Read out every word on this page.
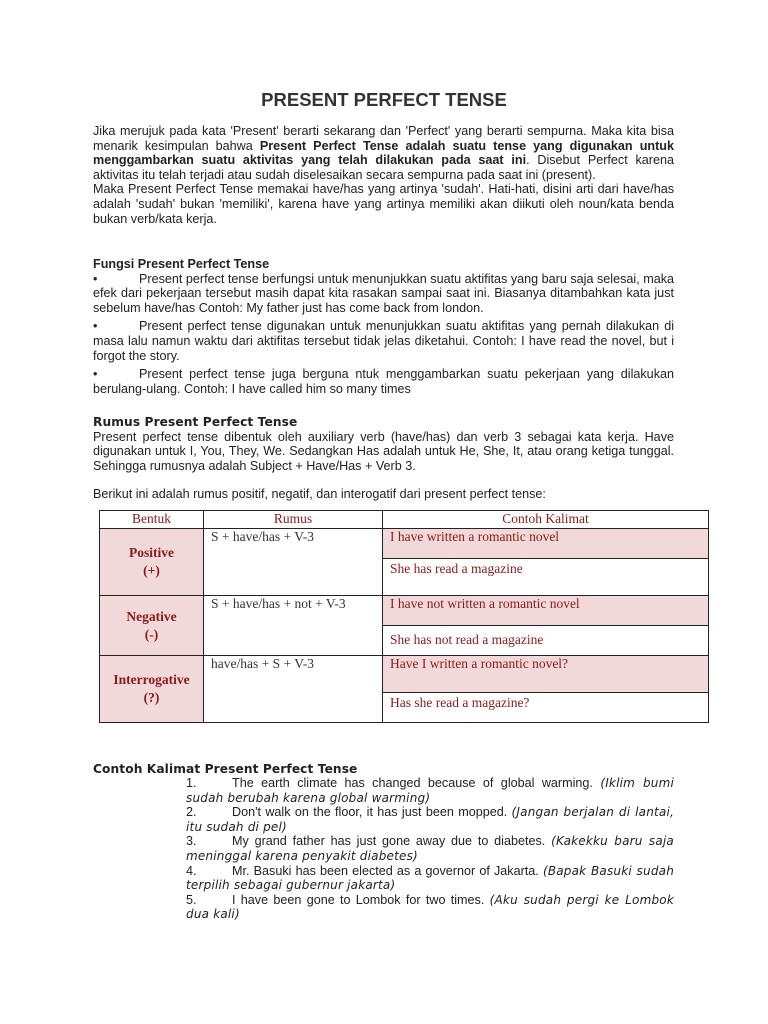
PRESENT PERFECT TENSE

Jika merujuk pada kata 'Present' berarti sekarang dan 'Perfect' yang berarti sempurna. Maka kita bisa menarik kesimpulan bahwa Present Perfect Tense adalah suatu tense yang digunakan untuk menggambarkan suatu aktivitas yang telah dilakukan pada saat ini. Disebut Perfect karena aktivitas itu telah terjadi atau sudah diselesaikan secara sempurna pada saat ini (present).

Maka Present Perfect Tense memakai have/has yang artinya 'sudah'. Hati-hati, disini arti dari have/has adalah 'sudah' bukan 'memiliki', karena have yang artinya memiliki akan diikuti oleh noun/kata benda bukan verb/kata kerja.

Fungsi Present Perfect Tense

•	Present perfect tense berfungsi untuk menunjukkan suatu aktifitas yang baru saja selesai, maka efek dari pekerjaan tersebut masih dapat kita rasakan sampai saat ini. Biasanya ditambahkan kata just sebelum have/has Contoh: My father just has come back from london.

•	Present perfect tense digunakan untuk menunjukkan suatu aktifitas yang pernah dilakukan di masa lalu namun waktu dari aktifitas tersebut tidak jelas diketahui. Contoh: I have read the novel, but i forgot the story.

•	Present perfect tense juga berguna ntuk menggambarkan suatu pekerjaan yang dilakukan berulang-ulang. Contoh: I have called him so many times

Rumus Present Perfect Tense

Present perfect tense dibentuk oleh auxiliary verb (have/has) dan verb 3 sebagai kata kerja. Have digunakan untuk I, You, They, We. Sedangkan Has adalah untuk He, She, It, atau orang ketiga tunggal. Sehingga rumusnya adalah Subject + Have/Has + Verb 3.

Berikut ini adalah rumus positif, negatif, dan interogatif dari present perfect tense:

Bentuk	Rumus	Contoh Kalimat
Positive
(+)	S + have/has + V-3	I have written a romantic novel
		She has read a magazine
Negative
(-)	S + have/has + not + V-3	I have not written a romantic novel
		She has not read a magazine
Interrogative
(?)	have/has + S + V-3	Have I written a romantic novel?
		Has she read a magazine?
Contoh Kalimat Present Perfect Tense

1.	The earth climate has changed because of global warming. (Iklim bumi sudah berubah karena global warming)

2.	Don't walk on the floor, it has just been mopped. (Jangan berjalan di lantai, itu sudah di pel)

3.	My grand father has just gone away due to diabetes. (Kakekku baru saja meninggal karena penyakit diabetes)

4.	Mr. Basuki has been elected as a governor of Jakarta. (Bapak Basuki sudah terpilih sebagai gubernur jakarta)

5.	I have been gone to Lombok for two times. (Aku sudah pergi ke Lombok dua kali)
